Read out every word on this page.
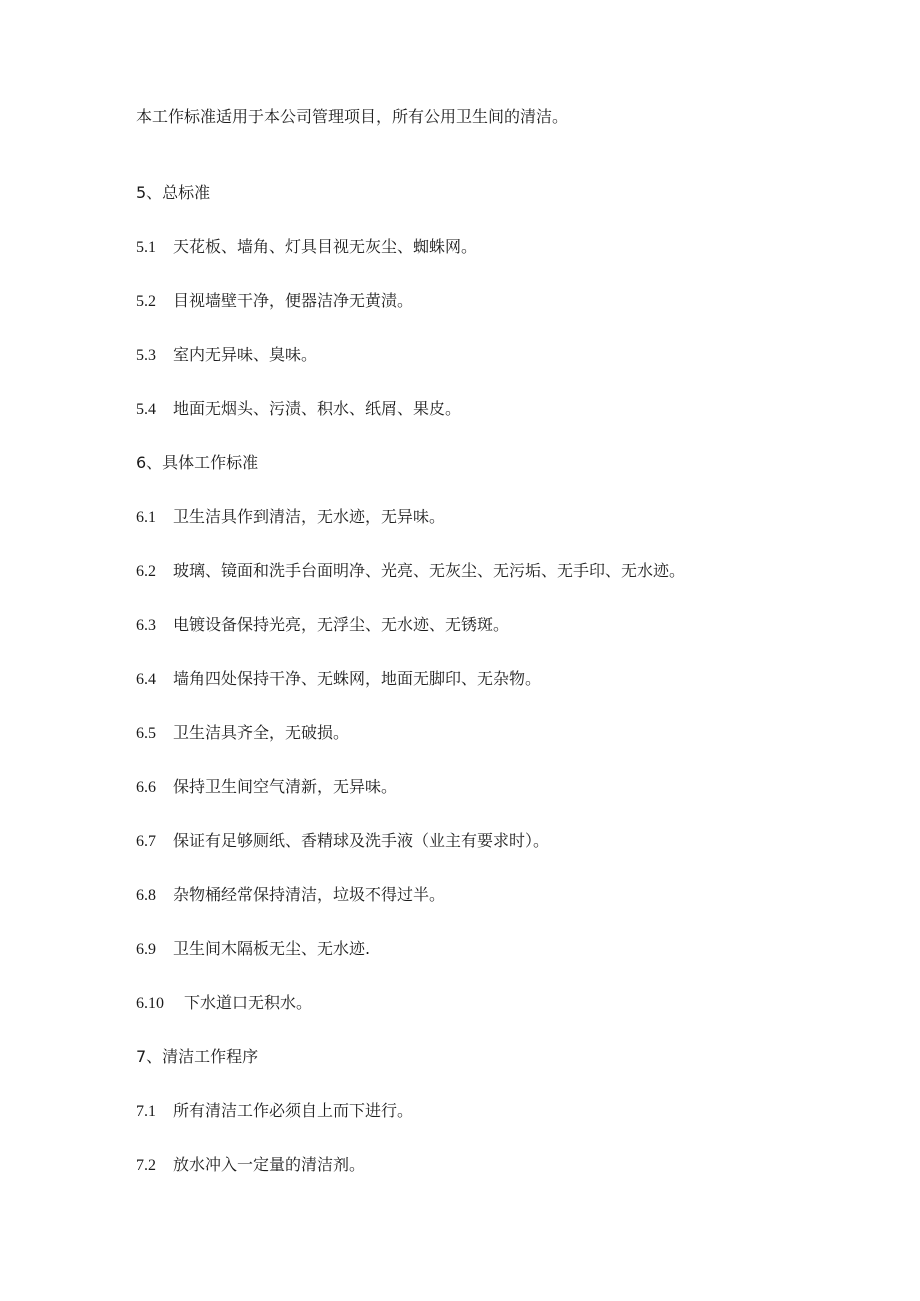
本工作标准适用于本公司管理项目，所有公用卫生间的清洁。
5、总标准
5.1 天花板、墙角、灯具目视无灰尘、蜘蛛网。
5.2 目视墙壁干净，便器洁净无黄渍。
5.3 室内无异味、臭味。
5.4 地面无烟头、污渍、积水、纸屑、果皮。
6、具体工作标准
6.1 卫生洁具作到清洁，无水迹，无异味。
6.2 玻璃、镜面和洗手台面明净、光亮、无灰尘、无污垢、无手印、无水迹。
6.3 电镀设备保持光亮，无浮尘、无水迹、无锈斑。
6.4 墙角四处保持干净、无蛛网，地面无脚印、无杂物。
6.5 卫生洁具齐全，无破损。
6.6 保持卫生间空气清新，无异味。
6.7 保证有足够厕纸、香精球及洗手液（业主有要求时）。
6.8 杂物桶经常保持清洁，垃圾不得过半。
6.9 卫生间木隔板无尘、无水迹.
6.10 下水道口无积水。
7、清洁工作程序
7.1 所有清洁工作必须自上而下进行。
7.2 放水冲入一定量的清洁剂。
